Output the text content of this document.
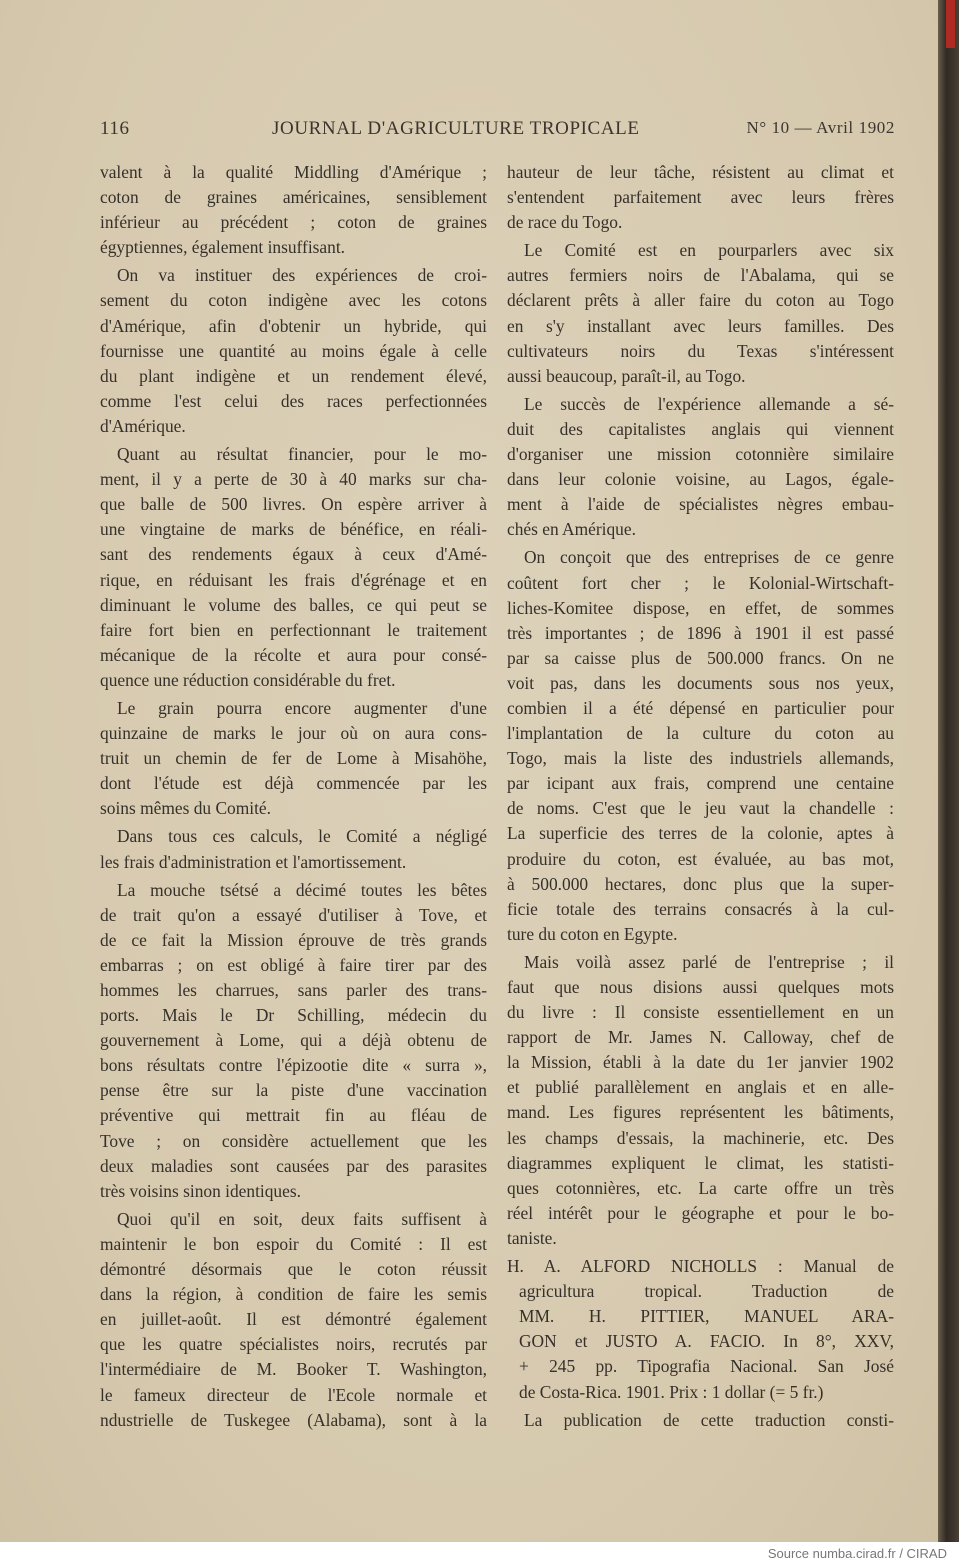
116	JOURNAL D'AGRICULTURE TROPICALE	N° 10 — Avril 1902
valent à la qualité Middling d'Amérique ;
coton de graines américaines, sensiblement
inférieur au précédent ; coton de graines
égyptiennes, également insuffisant.
On va instituer des expériences de croi-
sement du coton indigène avec les cotons
d'Amérique, afin d'obtenir un hybride, qui
fournisse une quantité au moins égale à celle
du plant indigène et un rendement élevé,
comme l'est celui des races perfectionnées
d'Amérique.
Quant au résultat financier, pour le mo-
ment, il y a perte de 30 à 40 marks sur cha-
que balle de 500 livres. On espère arriver à
une vingtaine de marks de bénéfice, en réali-
sant des rendements égaux à ceux d'Amé-
rique, en réduisant les frais d'égrénage et en
diminuant le volume des balles, ce qui peut se
faire fort bien en perfectionnant le traitement
mécanique de la récolte et aura pour consé-
quence une réduction considérable du fret.
Le grain pourra encore augmenter d'une
quinzaine de marks le jour où on aura cons-
truit un chemin de fer de Lome à Misahöhe,
dont l'étude est déjà commencée par les
soins mêmes du Comité.
Dans tous ces calculs, le Comité a négligé
les frais d'administration et l'amortissement.
La mouche tsétsé a décimé toutes les bêtes
de trait qu'on a essayé d'utiliser à Tove, et
de ce fait la Mission éprouve de très grands
embarras ; on est obligé à faire tirer par des
hommes les charrues, sans parler des trans-
ports. Mais le Dr Schilling, médecin du
gouvernement à Lome, qui a déjà obtenu de
bons résultats contre l'épizootie dite « surra »,
pense être sur la piste d'une vaccination
préventive qui mettrait fin au fléau de
Tove ; on considère actuellement que les
deux maladies sont causées par des parasites
très voisins sinon identiques.
Quoi qu'il en soit, deux faits suffisent à
maintenir le bon espoir du Comité : Il est
démontré désormais que le coton réussit
dans la région, à condition de faire les semis
en juillet-août. Il est démontré également
que les quatre spécialistes noirs, recrutés par
l'intermédiaire de M. Booker T. Washington,
le fameux directeur de l'Ecole normale et
ndustrielle de Tuskegee (Alabama), sont à la
hauteur de leur tâche, résistent au climat et
s'entendent parfaitement avec leurs frères
de race du Togo.
Le Comité est en pourparlers avec six
autres fermiers noirs de l'Abalama, qui se
déclarent prêts à aller faire du coton au Togo
en s'y installant avec leurs familles. Des
cultivateurs noirs du Texas s'intéressent
aussi beaucoup, paraît-il, au Togo.
Le succès de l'expérience allemande a sé-
duit des capitalistes anglais qui viennent
d'organiser une mission cotonnière similaire
dans leur colonie voisine, au Lagos, égale-
ment à l'aide de spécialistes nègres embau-
chés en Amérique.
On conçoit que des entreprises de ce genre
coûtent fort cher ; le Kolonial-Wirtschaft-
liches-Komitee dispose, en effet, de sommes
très importantes ; de 1896 à 1901 il est passé
par sa caisse plus de 500.000 francs. On ne
voit pas, dans les documents sous nos yeux,
combien il a été dépensé en particulier pour
l'implantation de la culture du coton au
Togo, mais la liste des industriels allemands,
par icipant aux frais, comprend une centaine
de noms. C'est que le jeu vaut la chandelle :
La superficie des terres de la colonie, aptes à
produire du coton, est évaluée, au bas mot,
à 500.000 hectares, donc plus que la super-
ficie totale des terrains consacrés à la cul-
ture du coton en Egypte.
Mais voilà assez parlé de l'entreprise ; il
faut que nous disions aussi quelques mots
du livre : Il consiste essentiellement en un
rapport de Mr. James N. Calloway, chef de
la Mission, établi à la date du 1er janvier 1902
et publié parallèlement en anglais et en alle-
mand. Les figures représentent les bâtiments,
les champs d'essais, la machinerie, etc. Des
diagrammes expliquent le climat, les statisti-
ques cotonnières, etc. La carte offre un très
réel intérêt pour le géographe et pour le bo-
taniste.
H. A. ALFORD NICHOLLS : Manual de
agricultura tropical. Traduction de
MM. H. PITTIER, MANUEL ARA-
GON et JUSTO A. FACIO. In 8°, XXV,
+ 245 pp. Tipografia Nacional. San José
de Costa-Rica. 1901. Prix : 1 dollar (= 5 fr.)
La publication de cette traduction consti-
Source numba.cirad.fr / CIRAD
